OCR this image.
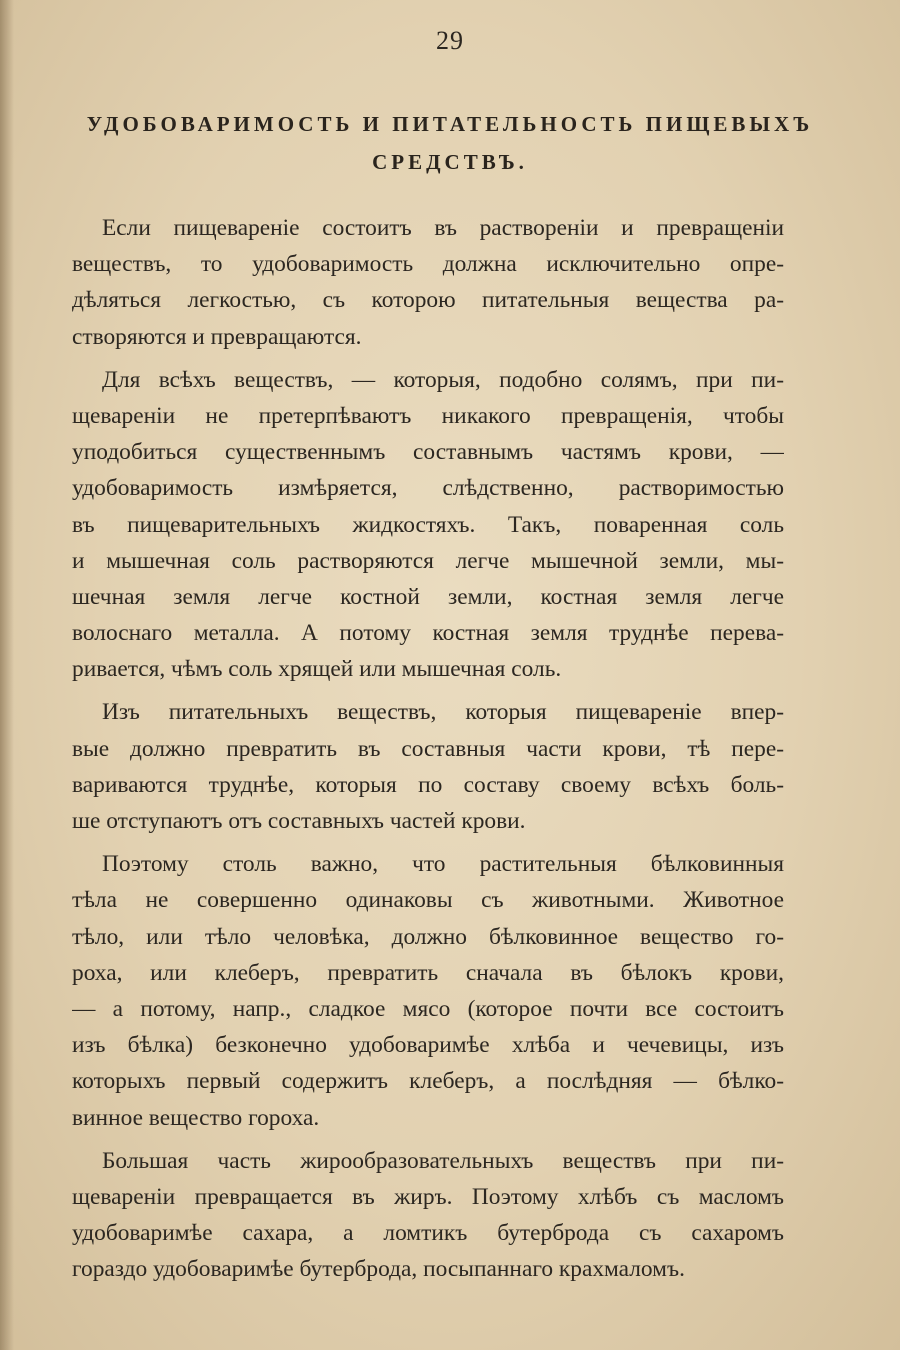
29
УДОБОВАРИМОСТЬ И ПИТАТЕЛЬНОСТЬ ПИЩЕВЫХЪ
СРЕДСТВЪ.
Если пищевареніе состоитъ въ раствореніи и превращеніи
веществъ, то удобоваримость должна исключительно опре-
дѣляться легкостью, съ которою питательныя вещества ра-
створяются и превращаются.
Для всѣхъ веществъ, — которыя, подобно солямъ, при пи-
щевареніи не претерпѣваютъ никакого превращенія, чтобы
уподобиться существеннымъ составнымъ частямъ крови, —
удобоваримость измѣряется, слѣдственно, растворимостью
въ пищеварительныхъ жидкостяхъ. Такъ, поваренная соль
и мышечная соль растворяются легче мышечной земли, мы-
шечная земля легче костной земли, костная земля легче
волоснаго металла. А потому костная земля труднѣе перева-
ривается, чѣмъ соль хрящей или мышечная соль.
Изъ питательныхъ веществъ, которыя пищевареніе впер-
вые должно превратить въ составныя части крови, тѣ пере-
вариваются труднѣе, которыя по составу своему всѣхъ боль-
ше отступаютъ отъ составныхъ частей крови.
Поэтому столь важно, что растительныя бѣлковинныя
тѣла не совершенно одинаковы съ животными. Животное
тѣло, или тѣло человѣка, должно бѣлковинное вещество го-
роха, или клеберъ, превратить сначала въ бѣлокъ крови,
— а потому, напр., сладкое мясо (которое почти все состоитъ
изъ бѣлка) безконечно удобоваримѣе хлѣба и чечевицы, изъ
которыхъ первый содержитъ клеберъ, а послѣдняя — бѣлко-
винное вещество гороха.
Большая часть жирообразовательныхъ веществъ при пи-
щевареніи превращается въ жиръ. Поэтому хлѣбъ съ масломъ
удобоваримѣе сахара, а ломтикъ бутерброда съ сахаромъ
гораздо удобоваримѣе бутерброда, посыпаннаго крахмаломъ.
